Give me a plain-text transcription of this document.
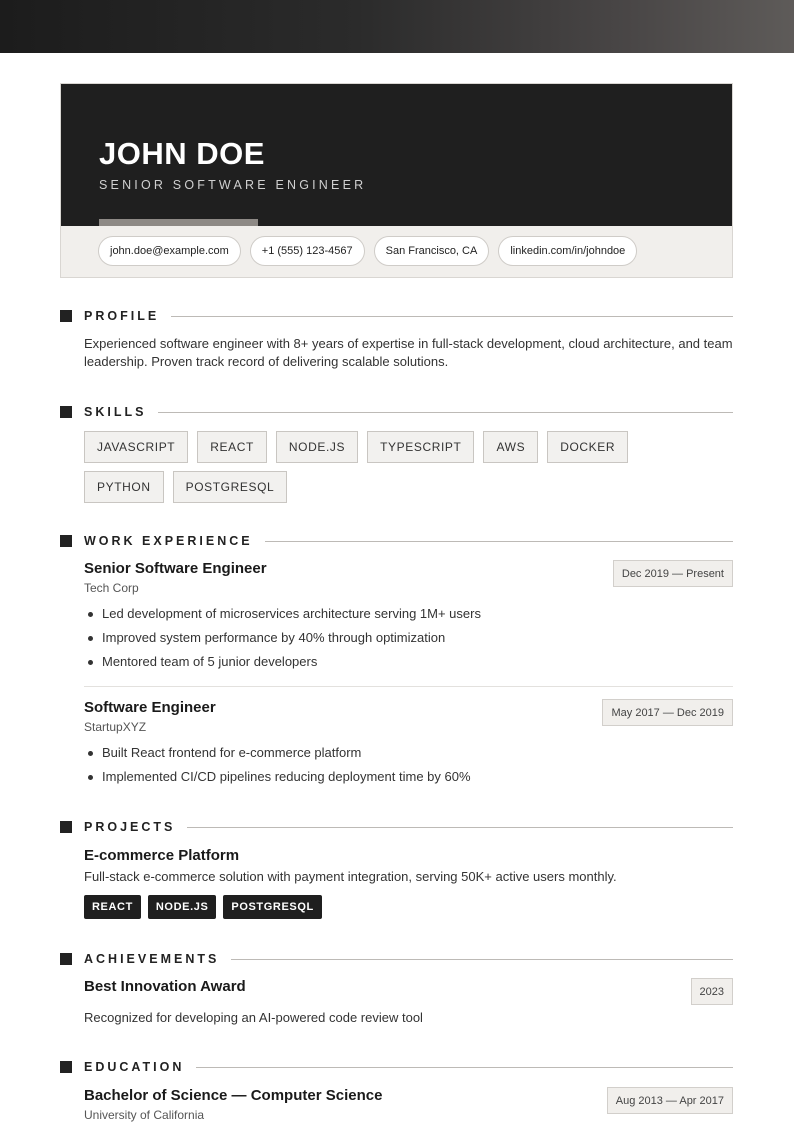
JOHN DOE
SENIOR SOFTWARE ENGINEER
john.doe@example.com	+1 (555) 123-4567	San Francisco, CA	linkedin.com/in/johndoe
PROFILE
Experienced software engineer with 8+ years of expertise in full-stack development, cloud architecture, and team leadership. Proven track record of delivering scalable solutions.
SKILLS
JAVASCRIPT	REACT	NODE.JS	TYPESCRIPT	AWS	DOCKER
PYTHON	POSTGRESQL
WORK EXPERIENCE
Senior Software Engineer
Tech Corp
Dec 2019 — Present
Led development of microservices architecture serving 1M+ users
Improved system performance by 40% through optimization
Mentored team of 5 junior developers
Software Engineer
StartupXYZ
May 2017 — Dec 2019
Built React frontend for e-commerce platform
Implemented CI/CD pipelines reducing deployment time by 60%
PROJECTS
E-commerce Platform
Full-stack e-commerce solution with payment integration, serving 50K+ active users monthly.
REACT	NODE.JS	POSTGRESQL
ACHIEVEMENTS
Best Innovation Award	2023
Recognized for developing an AI-powered code review tool
EDUCATION
Bachelor of Science — Computer Science
University of California
Aug 2013 — Apr 2017
